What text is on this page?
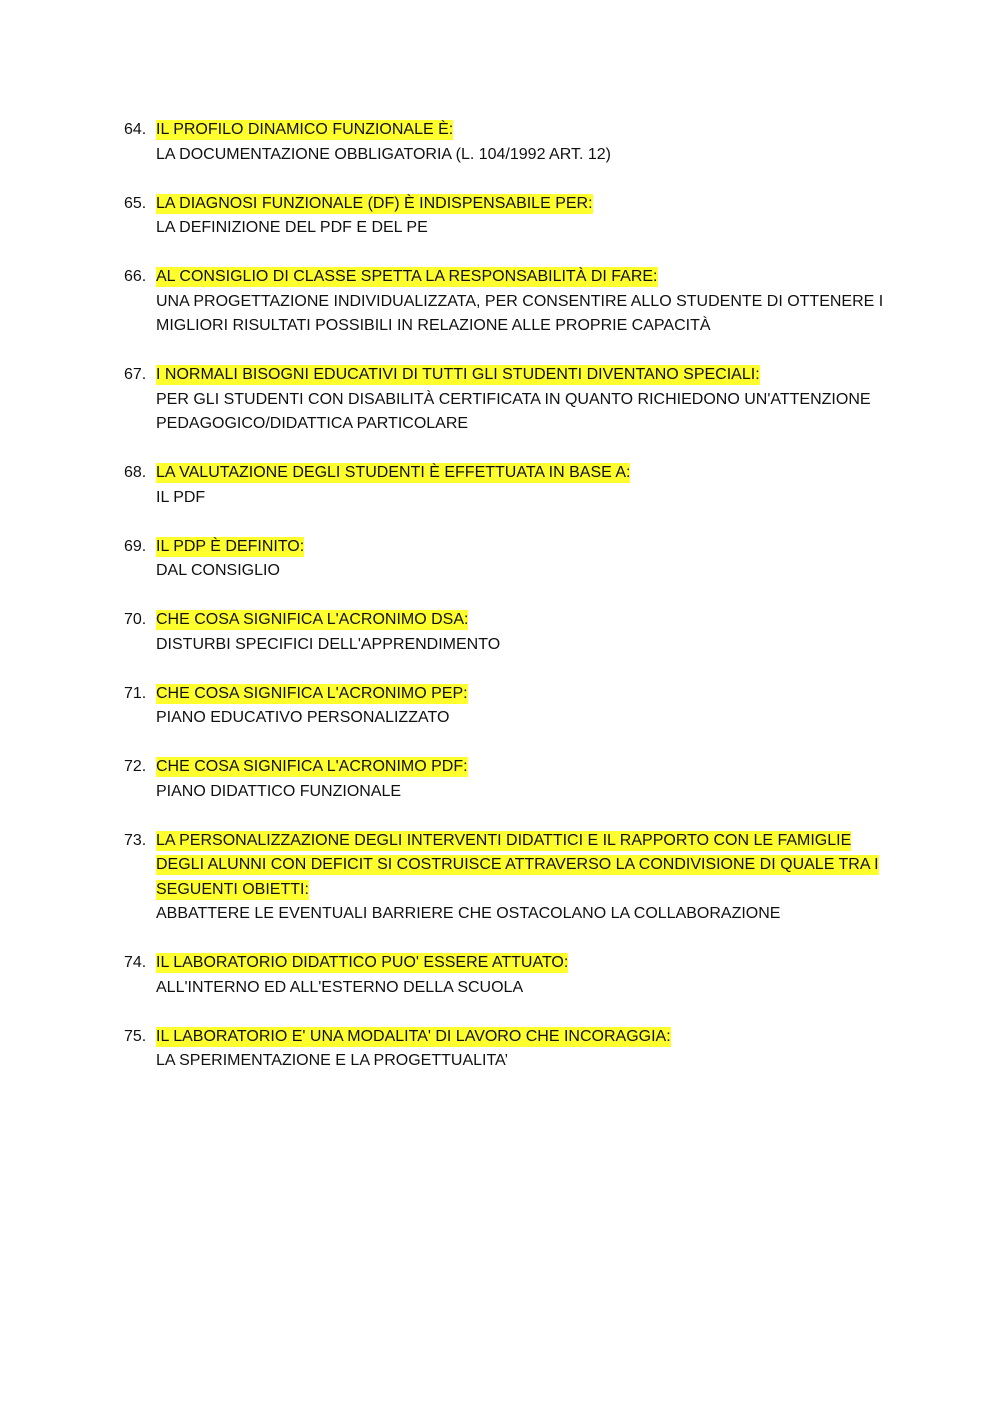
64. IL PROFILO DINAMICO FUNZIONALE È:
LA DOCUMENTAZIONE OBBLIGATORIA (L. 104/1992 ART. 12)
65. LA DIAGNOSI FUNZIONALE (DF) È INDISPENSABILE PER:
LA DEFINIZIONE DEL PDF E DEL PE
66. AL CONSIGLIO DI CLASSE SPETTA LA RESPONSABILITÀ DI FARE:
UNA PROGETTAZIONE INDIVIDUALIZZATA, PER CONSENTIRE ALLO STUDENTE DI OTTENERE I MIGLIORI RISULTATI POSSIBILI IN RELAZIONE ALLE PROPRIE CAPACITÀ
67. I NORMALI BISOGNI EDUCATIVI DI TUTTI GLI STUDENTI DIVENTANO SPECIALI:
PER GLI STUDENTI CON DISABILITÀ CERTIFICATA IN QUANTO RICHIEDONO UN'ATTENZIONE PEDAGOGICO/DIDATTICA PARTICOLARE
68. LA VALUTAZIONE DEGLI STUDENTI È EFFETTUATA IN BASE A:
IL PDF
69. IL PDP È DEFINITO:
DAL CONSIGLIO
70. CHE COSA SIGNIFICA L'ACRONIMO DSA:
DISTURBI SPECIFICI DELL'APPRENDIMENTO
71. CHE COSA SIGNIFICA L'ACRONIMO PEP:
PIANO EDUCATIVO PERSONALIZZATO
72. CHE COSA SIGNIFICA L'ACRONIMO PDF:
PIANO DIDATTICO FUNZIONALE
73. LA PERSONALIZZAZIONE DEGLI INTERVENTI DIDATTICI E IL RAPPORTO CON LE FAMIGLIE DEGLI ALUNNI CON DEFICIT SI COSTRUISCE ATTRAVERSO LA CONDIVISIONE DI QUALE TRA I SEGUENTI OBIETTI:
ABBATTERE LE EVENTUALI BARRIERE CHE OSTACOLANO LA COLLABORAZIONE
74. IL LABORATORIO DIDATTICO PUO' ESSERE ATTUATO:
ALL'INTERNO ED ALL'ESTERNO DELLA SCUOLA
75. IL LABORATORIO E' UNA MODALITA' DI LAVORO CHE INCORAGGIA:
LA SPERIMENTAZIONE E LA PROGETTUALITA’
